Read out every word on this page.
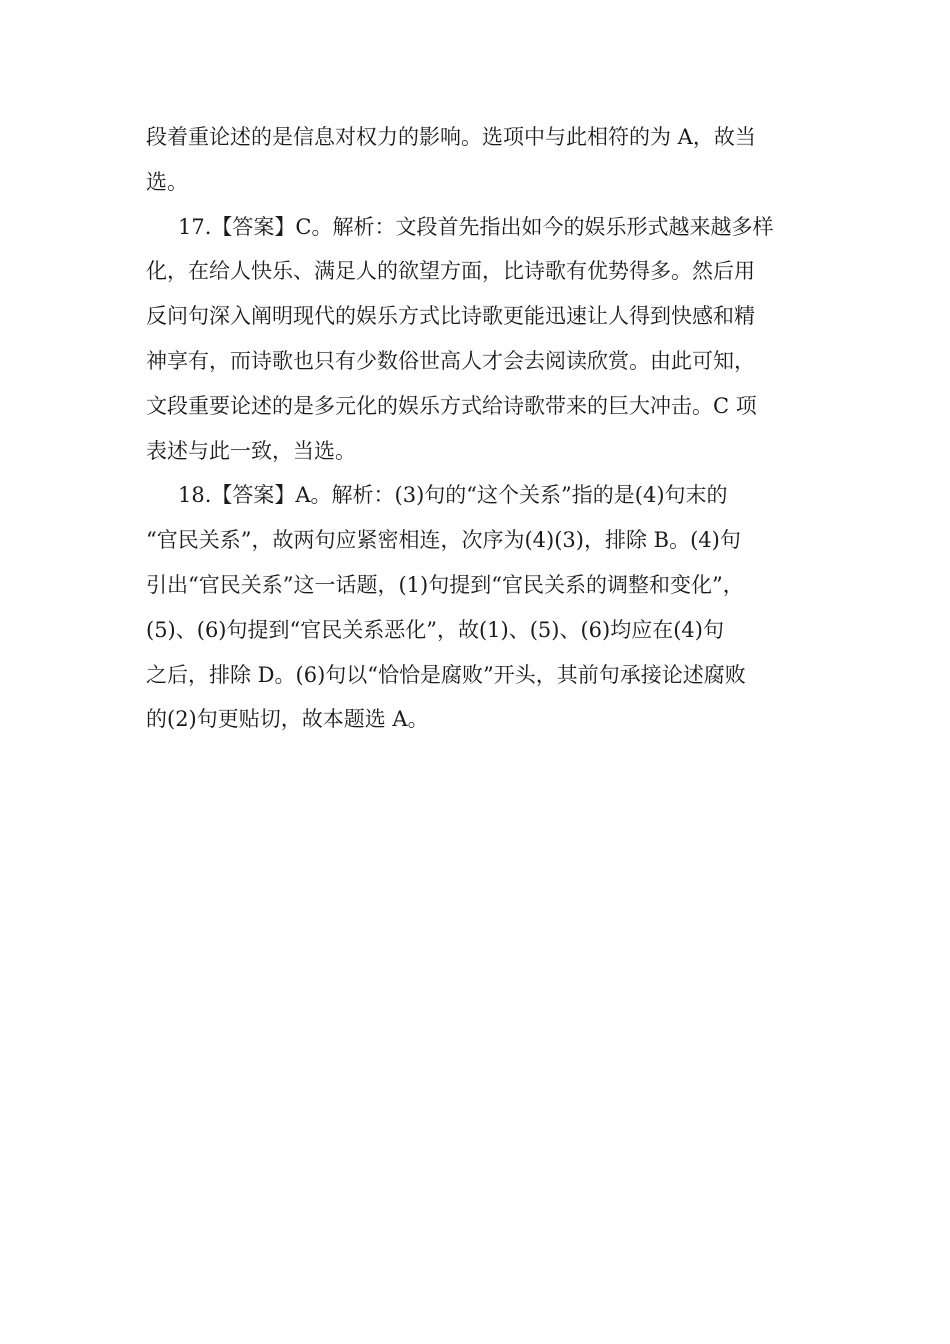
段着重论述的是信息对权力的影响。选项中与此相符的为 A，故当
选。
17.【答案】C。解析：文段首先指出如今的娱乐形式越来越多样
化，在给人快乐、满足人的欲望方面，比诗歌有优势得多。然后用
反问句深入阐明现代的娱乐方式比诗歌更能迅速让人得到快感和精
神享有，而诗歌也只有少数俗世高人才会去阅读欣赏。由此可知，
文段重要论述的是多元化的娱乐方式给诗歌带来的巨大冲击。C 项
表述与此一致，当选。
18.【答案】A。解析：(3)句的“这个关系”指的是(4)句末的
“官民关系”，故两句应紧密相连，次序为(4)(3)，排除 B。(4)句
引出“官民关系”这一话题，(1)句提到“官民关系的调整和变化”，
(5)、(6)句提到“官民关系恶化”，故(1)、(5)、(6)均应在(4)句
之后，排除 D。(6)句以“恰恰是腐败”开头，其前句承接论述腐败
的(2)句更贴切，故本题选 A。
